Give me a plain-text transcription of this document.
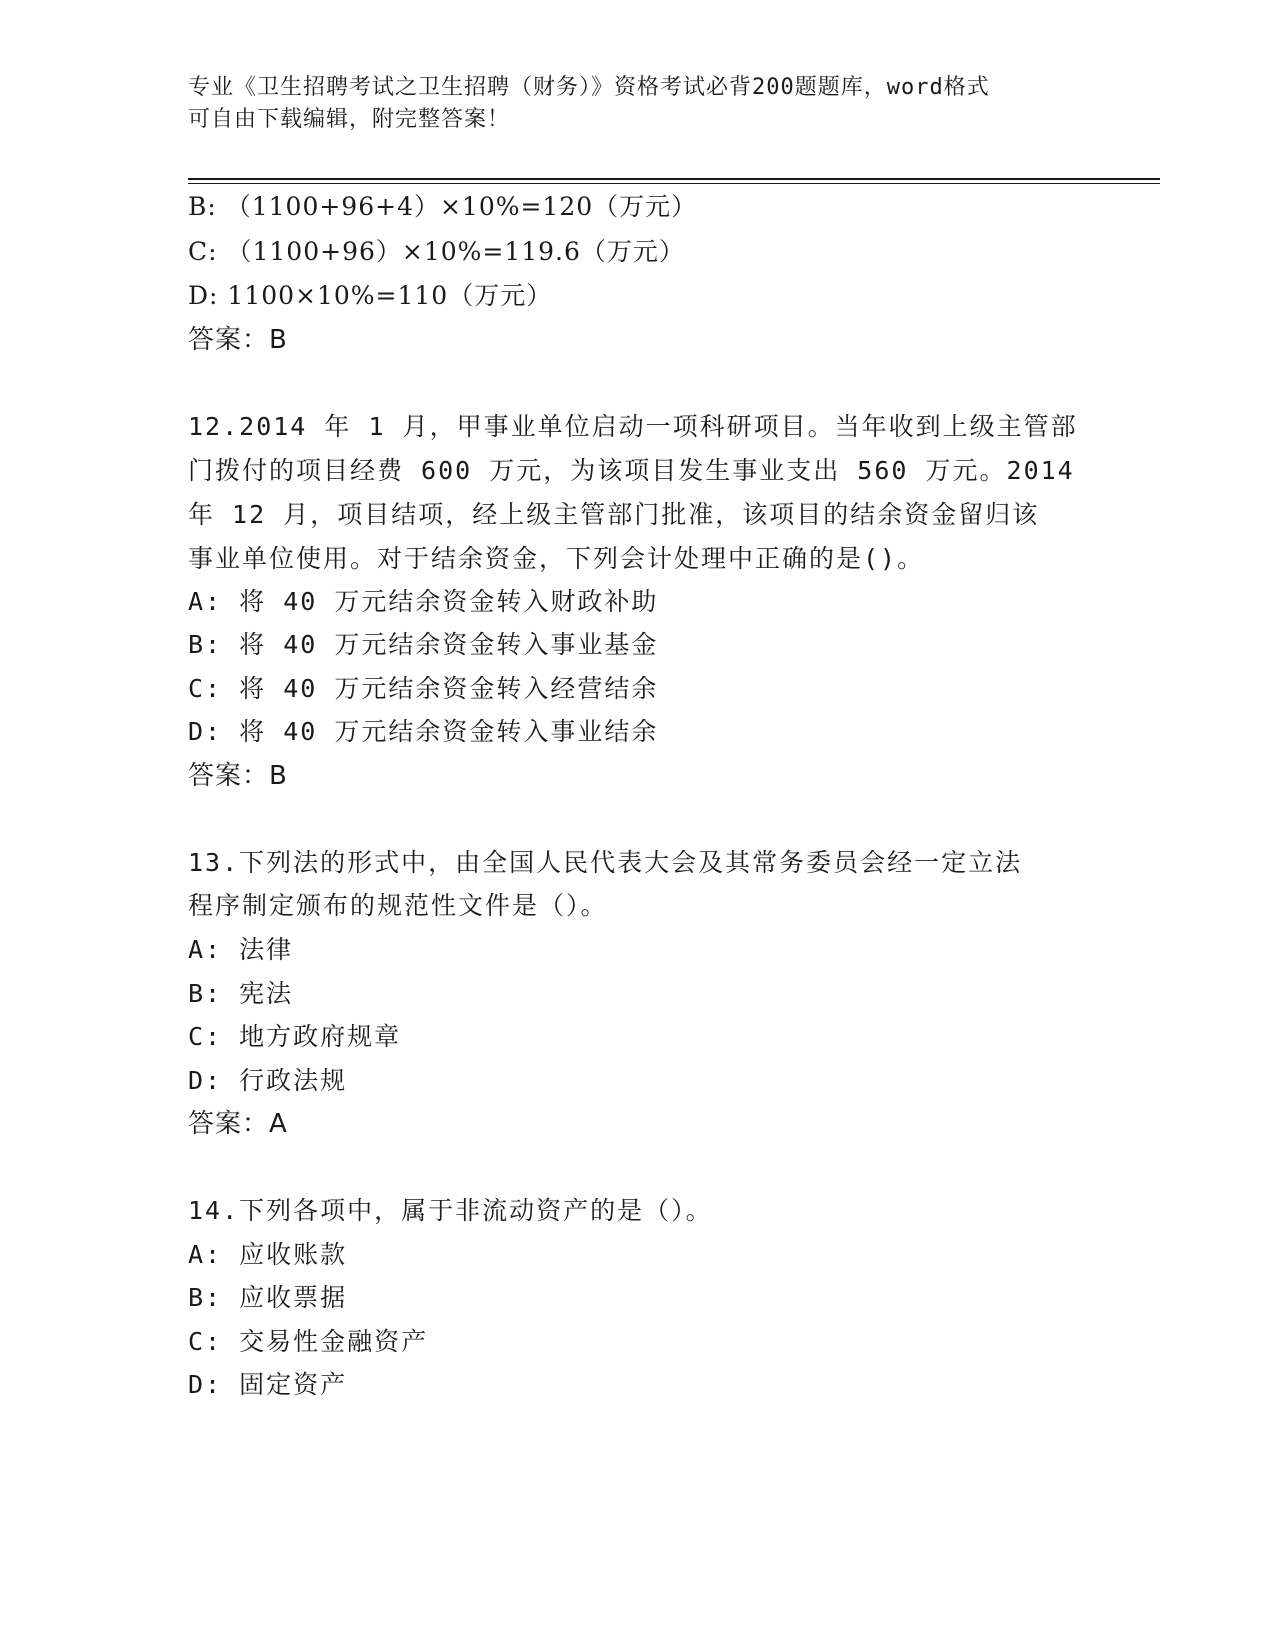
专业《卫生招聘考试之卫生招聘（财务）》资格考试必背200题题库，word格式
可自由下载编辑，附完整答案！
B: （1100+96+4）×10%=120（万元）
C: （1100+96）×10%=119.6（万元）
D: 1100×10%=110（万元）
答案：B
12.2014 年 1 月，甲事业单位启动一项科研项目。当年收到上级主管部
门拨付的项目经费 600 万元，为该项目发生事业支出 560 万元。2014
年 12 月，项目结项，经上级主管部门批准，该项目的结余资金留归该
事业单位使用。对于结余资金，下列会计处理中正确的是()。
A: 将 40 万元结余资金转入财政补助
B: 将 40 万元结余资金转入事业基金
C: 将 40 万元结余资金转入经营结余
D: 将 40 万元结余资金转入事业结余
答案：B
13.下列法的形式中，由全国人民代表大会及其常务委员会经一定立法
程序制定颁布的规范性文件是（）。
A: 法律
B: 宪法
C: 地方政府规章
D: 行政法规
答案：A
14.下列各项中，属于非流动资产的是（）。
A: 应收账款
B: 应收票据
C: 交易性金融资产
D: 固定资产
